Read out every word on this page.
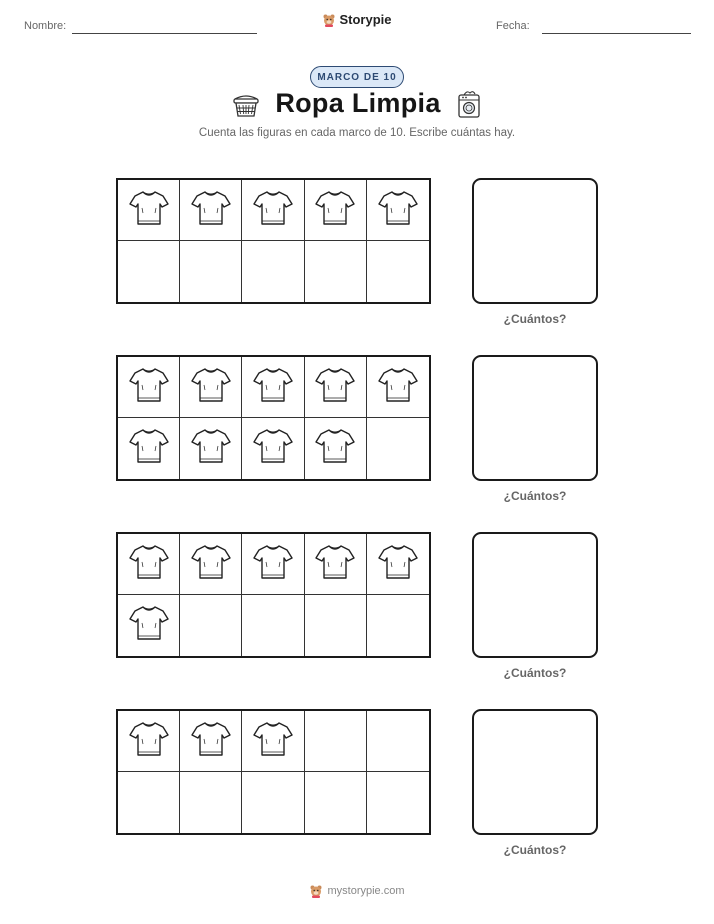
Nombre:	Storypie	Fecha:
MARCO DE 10
Ropa Limpia
Cuenta las figuras en cada marco de 10. Escribe cuántas hay.
¿Cuántos?
¿Cuántos?
¿Cuántos?
¿Cuántos?
mystorypie.com
